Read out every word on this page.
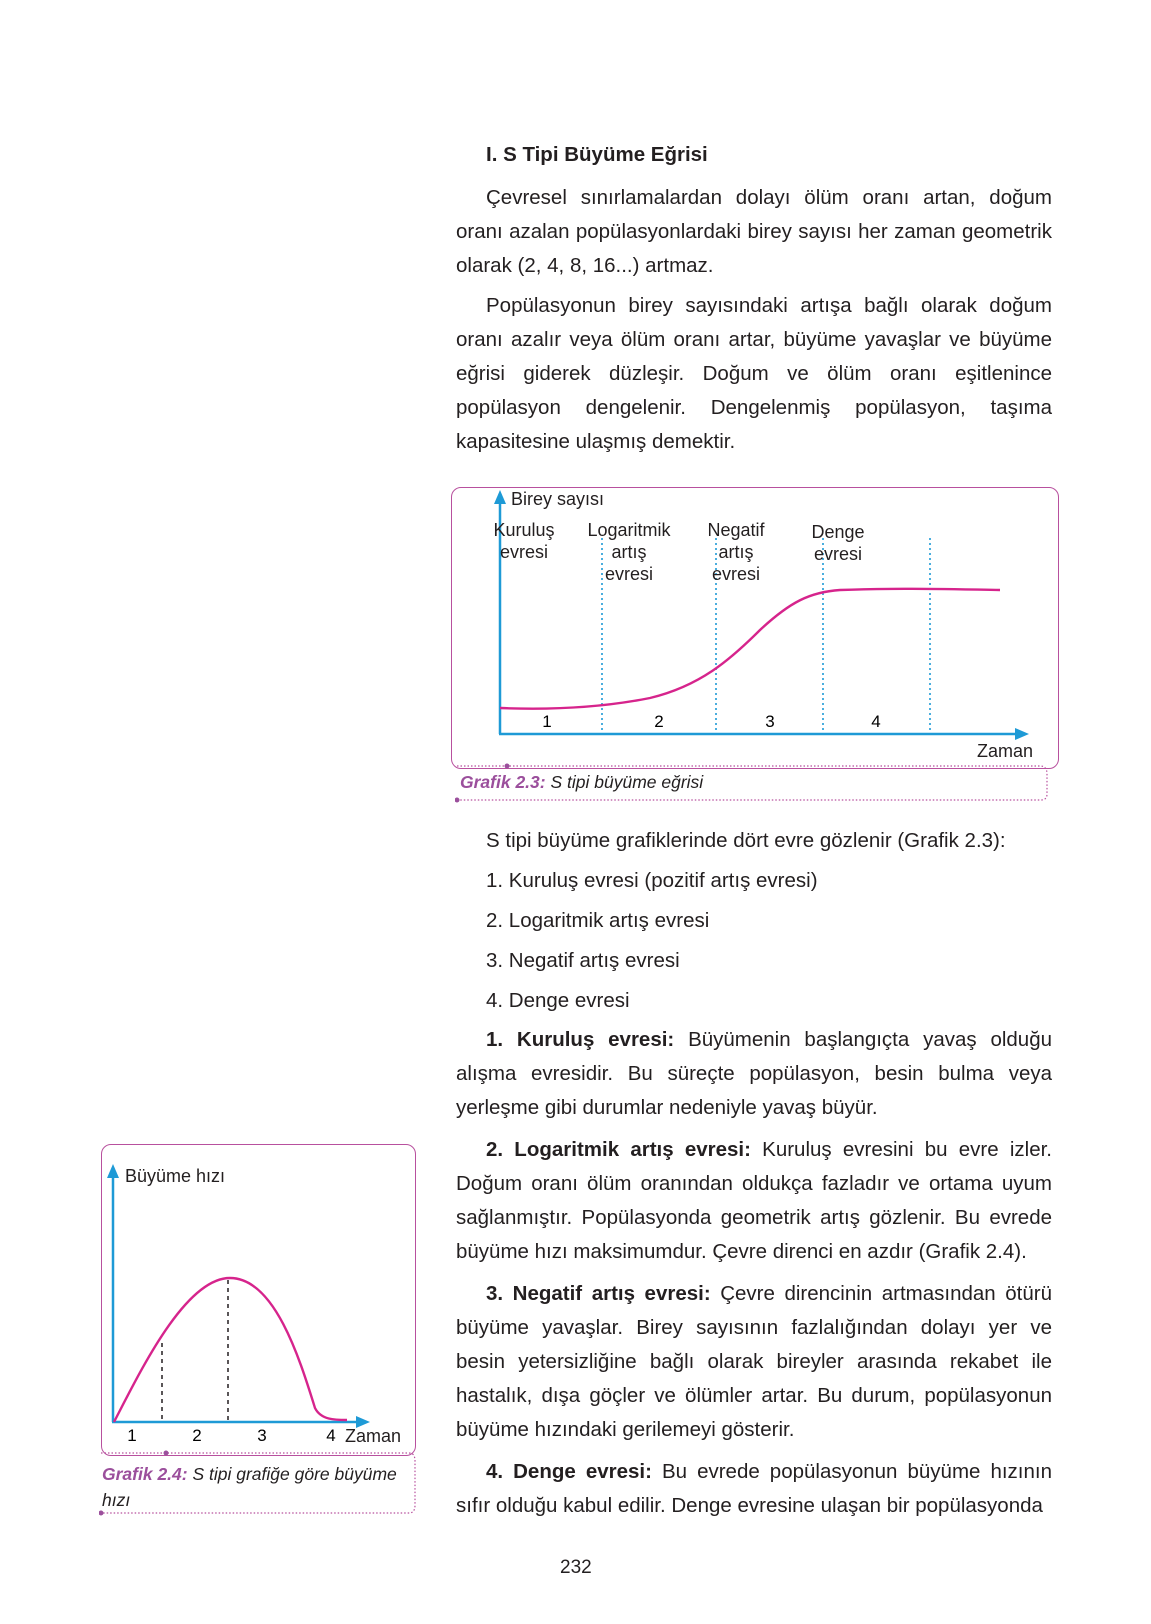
I. S Tipi Büyüme Eğrisi

Çevresel sınırlamalardan dolayı ölüm oranı artan, doğum oranı azalan popülasyonlardaki birey sayısı her zaman geometrik olarak (2, 4, 8, 16...) artmaz.

Popülasyonun birey sayısındaki artışa bağlı olarak doğum oranı azalır veya ölüm oranı artar, büyüme yavaşlar ve büyüme eğrisi giderek düzleşir. Doğum ve ölüm oranı eşitlenince popülasyon dengelenir. Dengelenmiş popülasyon, taşıma kapasitesine ulaşmış demektir.

Birey sayısı
Zaman
Kuruluş evresi
Logaritmik artış evresi
Negatif artış evresi
Denge evresi
1	2	3	4
Grafik 2.3: S tipi büyüme eğrisi

S tipi büyüme grafiklerinde dört evre gözlenir (Grafik 2.3):

1. Kuruluş evresi (pozitif artış evresi)

2. Logaritmik artış evresi

3. Negatif artış evresi

4. Denge evresi

1. Kuruluş evresi: Büyümenin başlangıçta yavaş olduğu alışma evresidir. Bu süreçte popülasyon, besin bulma veya yerleşme gibi durumlar nedeniyle yavaş büyür.

2. Logaritmik artış evresi: Kuruluş evresini bu evre izler. Doğum oranı ölüm oranından oldukça fazladır ve ortama uyum sağlanmıştır. Popülasyonda geometrik artış gözlenir. Bu evrede büyüme hızı maksimumdur. Çevre direnci en azdır (Grafik 2.4).

3. Negatif artış evresi: Çevre direncinin artmasından ötürü büyüme yavaşlar. Birey sayısının fazlalığından dolayı yer ve besin yetersizliğine bağlı olarak bireyler arasında rekabet ile hastalık, dışa göçler ve ölümler artar. Bu durum, popülasyonun büyüme hızındaki gerilemeyi gösterir.

4. Denge evresi: Bu evrede popülasyonun büyüme hızının sıfır olduğu kabul edilir. Denge evresine ulaşan bir popülasyonda

Büyüme hızı
Zaman
1	2	3	4
Grafik 2.4: S tipi grafiğe göre büyüme hızı
232
